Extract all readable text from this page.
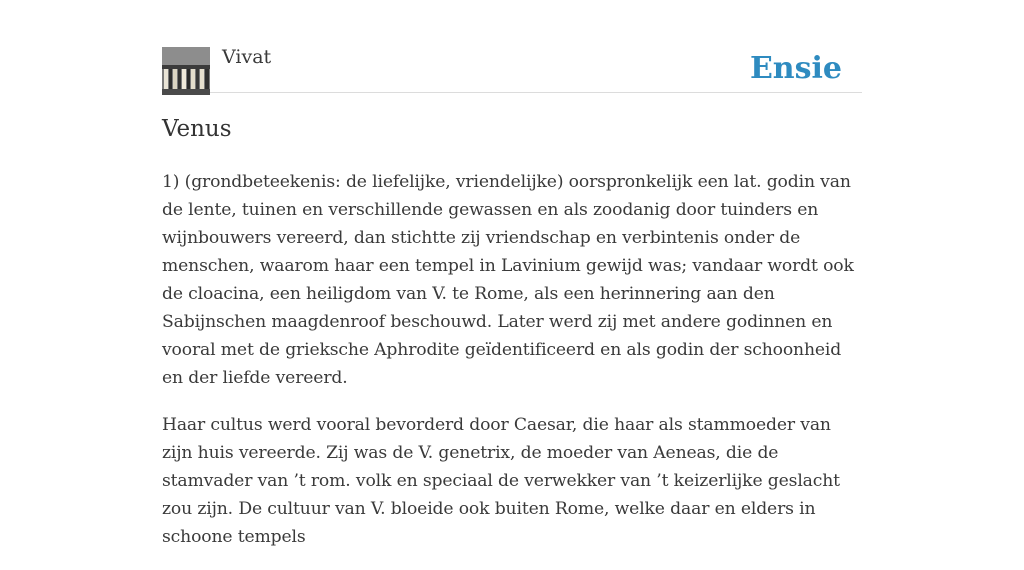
Vivat	Ensie
Venus

1) (grondbeteekenis: de liefelijke, vriendelijke) oorspronkelijk een lat. godin van de lente, tuinen en verschillende gewassen en als zoodanig door tuinders en wijnbouwers vereerd, dan stichtte zij vriendschap en verbintenis onder de menschen, waarom haar een tempel in Lavinium gewijd was; vandaar wordt ook de cloacina, een heiligdom van V. te Rome, als een herinnering aan den Sabijnschen maagdenroof beschouwd. Later werd zij met andere godinnen en vooral met de grieksche Aphrodite geïdentificeerd en als godin der schoonheid en der liefde vereerd.

Haar cultus werd vooral bevorderd door Caesar, die haar als stammoeder van zijn huis vereerde. Zij was de V. genetrix, de moeder van Aeneas, die de stamvader van ’t rom. volk en speciaal de verwekker van ’t keizerlijke geslacht zou zijn. De cultuur van V. bloeide ook buiten Rome, welke daar en elders in schoone tempels
